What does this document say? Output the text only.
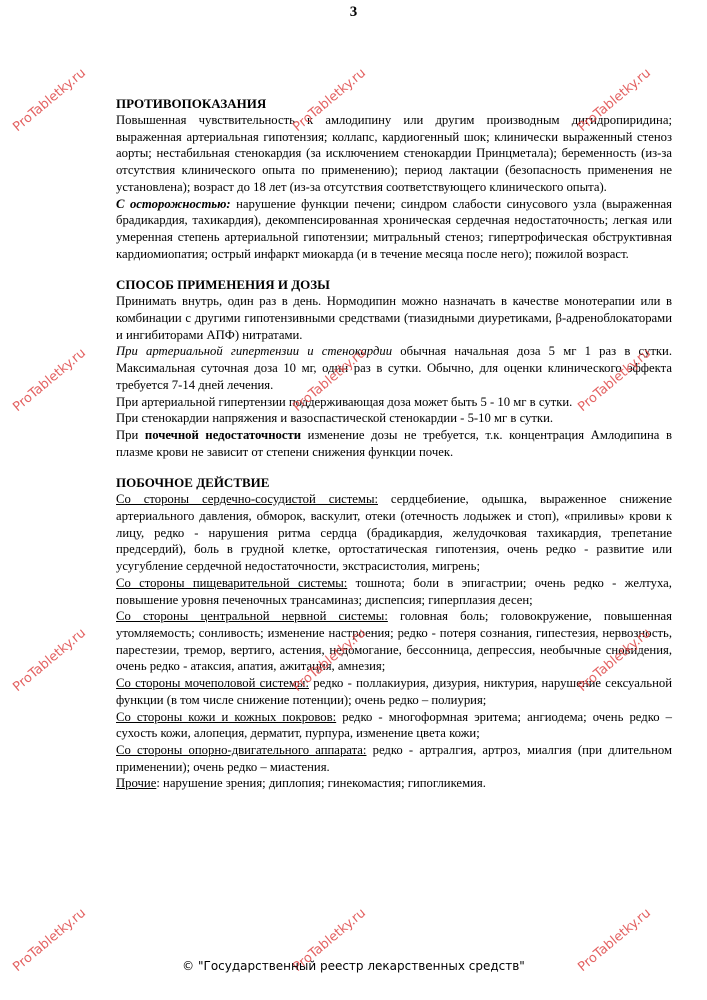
3

ПРОТИВОПОКАЗАНИЯ

Повышенная чувствительность к амлодипину или другим производным дигидропиридина; выраженная артериальная гипотензия; коллапс, кардиогенный шок; клинически выраженный стеноз аорты; нестабильная стенокардия (за исключением стенокардии Принцметала); беременность (из-за отсутствия клинического опыта по применению); период лактации (безопасность применения не установлена); возраст до 18 лет (из-за отсутствия соответствующего клинического опыта).

С осторожностью: нарушение функции печени; синдром слабости синусового узла (выраженная брадикардия, тахикардия), декомпенсированная хроническая сердечная недостаточность; легкая или умеренная степень артериальной гипотензии; митральный стеноз; гипертрофическая обструктивная кардиомиопатия; острый инфаркт миокарда (и в течение месяца после него); пожилой возраст.

СПОСОБ ПРИМЕНЕНИЯ И ДОЗЫ

Принимать внутрь, один раз в день. Нормодипин можно назначать в качестве монотерапии или в комбинации с другими гипотензивными средствами (тиазидными диуретиками, β-адреноблокаторами и ингибиторами АПФ) нитратами.

При артериальной гипертензии и стенокардии обычная начальная доза 5 мг 1 раз в сутки. Максимальная суточная доза 10 мг, один раз в сутки. Обычно, для оценки клинического эффекта требуется 7-14 дней лечения.

При артериальной гипертензии поддерживающая доза может быть 5 - 10 мг в сутки.

При стенокардии напряжения и вазоспастической стенокардии - 5-10 мг в сутки.

При почечной недостаточности изменение дозы не требуется, т.к. концентрация Амлодипина в плазме крови не зависит от степени снижения функции почек.

ПОБОЧНОЕ ДЕЙСТВИЕ

Со стороны сердечно-сосудистой системы: сердцебиение, одышка, выраженное снижение артериального давления, обморок, васкулит, отеки (отечность лодыжек и стоп), «приливы» крови к лицу, редко - нарушения ритма сердца (брадикардия, желудочковая тахикардия, трепетание предсердий), боль в грудной клетке, ортостатическая гипотензия, очень редко - развитие или усугубление сердечной недостаточности, экстрасистолия, мигрень;

Со стороны пищеварительной системы: тошнота; боли в эпигастрии; очень редко - желтуха, повышение уровня печеночных трансаминаз; диспепсия; гиперплазия десен;

Со стороны центральной нервной системы: головная боль; головокружение, повышенная утомляемость; сонливость; изменение настроения; редко - потеря сознания, гипестезия, нервозность, парестезии, тремор, вертиго, астения, недомогание, бессонница, депрессия, необычные сновидения, очень редко - атаксия, апатия, ажитация, амнезия;

Со стороны мочеполовой системы: редко - поллакиурия, дизурия, никтурия, нарушение сексуальной функции (в том числе снижение потенции); очень редко – полиурия;

Со стороны кожи и кожных покровов: редко - многоформная эритема; ангиодема; очень редко – сухость кожи, алопеция, дерматит, пурпура, изменение цвета кожи;

Со стороны опорно-двигательного аппарата: редко - артралгия, артроз, миалгия (при длительном применении); очень редко – миастения.

Прочие: нарушение зрения; диплопия; гинекомастия; гипогликемия.

ProTabletky.ru	ProTabletky.ru	ProTabletky.ru
ProTabletky.ru	ProTabletky.ru	ProTabletky.ru
ProTabletky.ru	ProTabletky.ru	ProTabletky.ru
ProTabletky.ru	ProTabletky.ru	ProTabletky.ru
© "Государственный реестр лекарственных средств"
